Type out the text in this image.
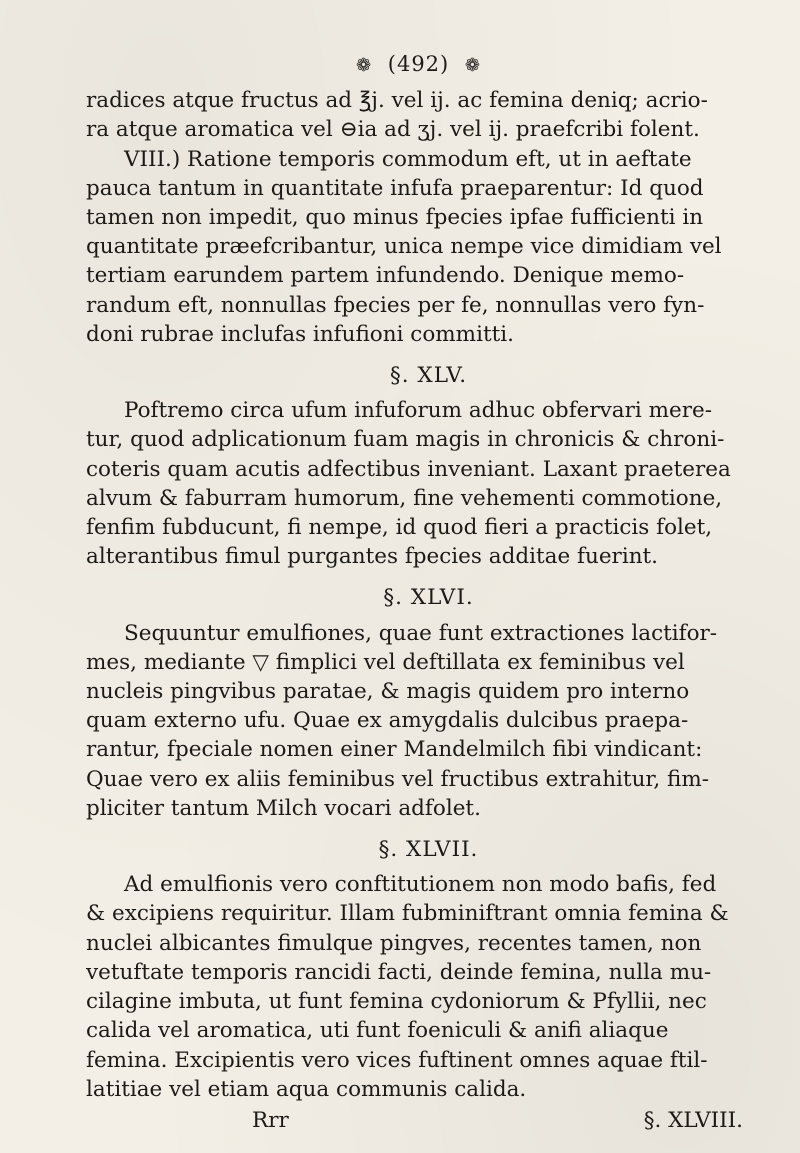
❁ (492) ❁
radices atque fructus ad ℥j. vel ij. ac femina deniq; acrio-
ra atque aromatica vel ⊖ia ad ʒj. vel ij. praefcribi folent.
VIII.) Ratione temporis commodum eft, ut in aeftate
pauca tantum in quantitate infufa praeparentur: Id quod
tamen non impedit, quo minus fpecies ipfae fufficienti in
quantitate præefcribantur, unica nempe vice dimidiam vel
tertiam earundem partem infundendo. Denique memo-
randum eft, nonnullas fpecies per fe, nonnullas vero fyn-
doni rubrae inclufas infufioni committi.
§. XLV.
Poftremo circa ufum infuforum adhuc obfervari mere-
tur, quod adplicationum fuam magis in chronicis & chroni-
coteris quam acutis adfectibus inveniant. Laxant praeterea
alvum & faburram humorum, fine vehementi commotione,
fenfim fubducunt, fi nempe, id quod fieri a practicis folet,
alterantibus fimul purgantes fpecies additae fuerint.
§. XLVI.
Sequuntur emulfiones, quae funt extractiones lactifor-
mes, mediante ▽ fimplici vel deftillata ex feminibus vel
nucleis pingvibus paratae, & magis quidem pro interno
quam externo ufu. Quae ex amygdalis dulcibus praepa-
rantur, fpeciale nomen einer Mandelmilch fibi vindicant:
Quae vero ex aliis feminibus vel fructibus extrahitur, fim-
pliciter tantum Milch vocari adfolet.
§. XLVII.
Ad emulfionis vero conftitutionem non modo bafis, fed
& excipiens requiritur. Illam fubminiftrant omnia femina &
nuclei albicantes fimulque pingves, recentes tamen, non
vetuftate temporis rancidi facti, deinde femina, nulla mu-
cilagine imbuta, ut funt femina cydoniorum & Pfyllii, nec
calida vel aromatica, uti funt foeniculi & anifi aliaque
femina. Excipientis vero vices fuftinent omnes aquae ftil-
latitiae vel etiam aqua communis calida.
Rrr	§. XLVIII.
